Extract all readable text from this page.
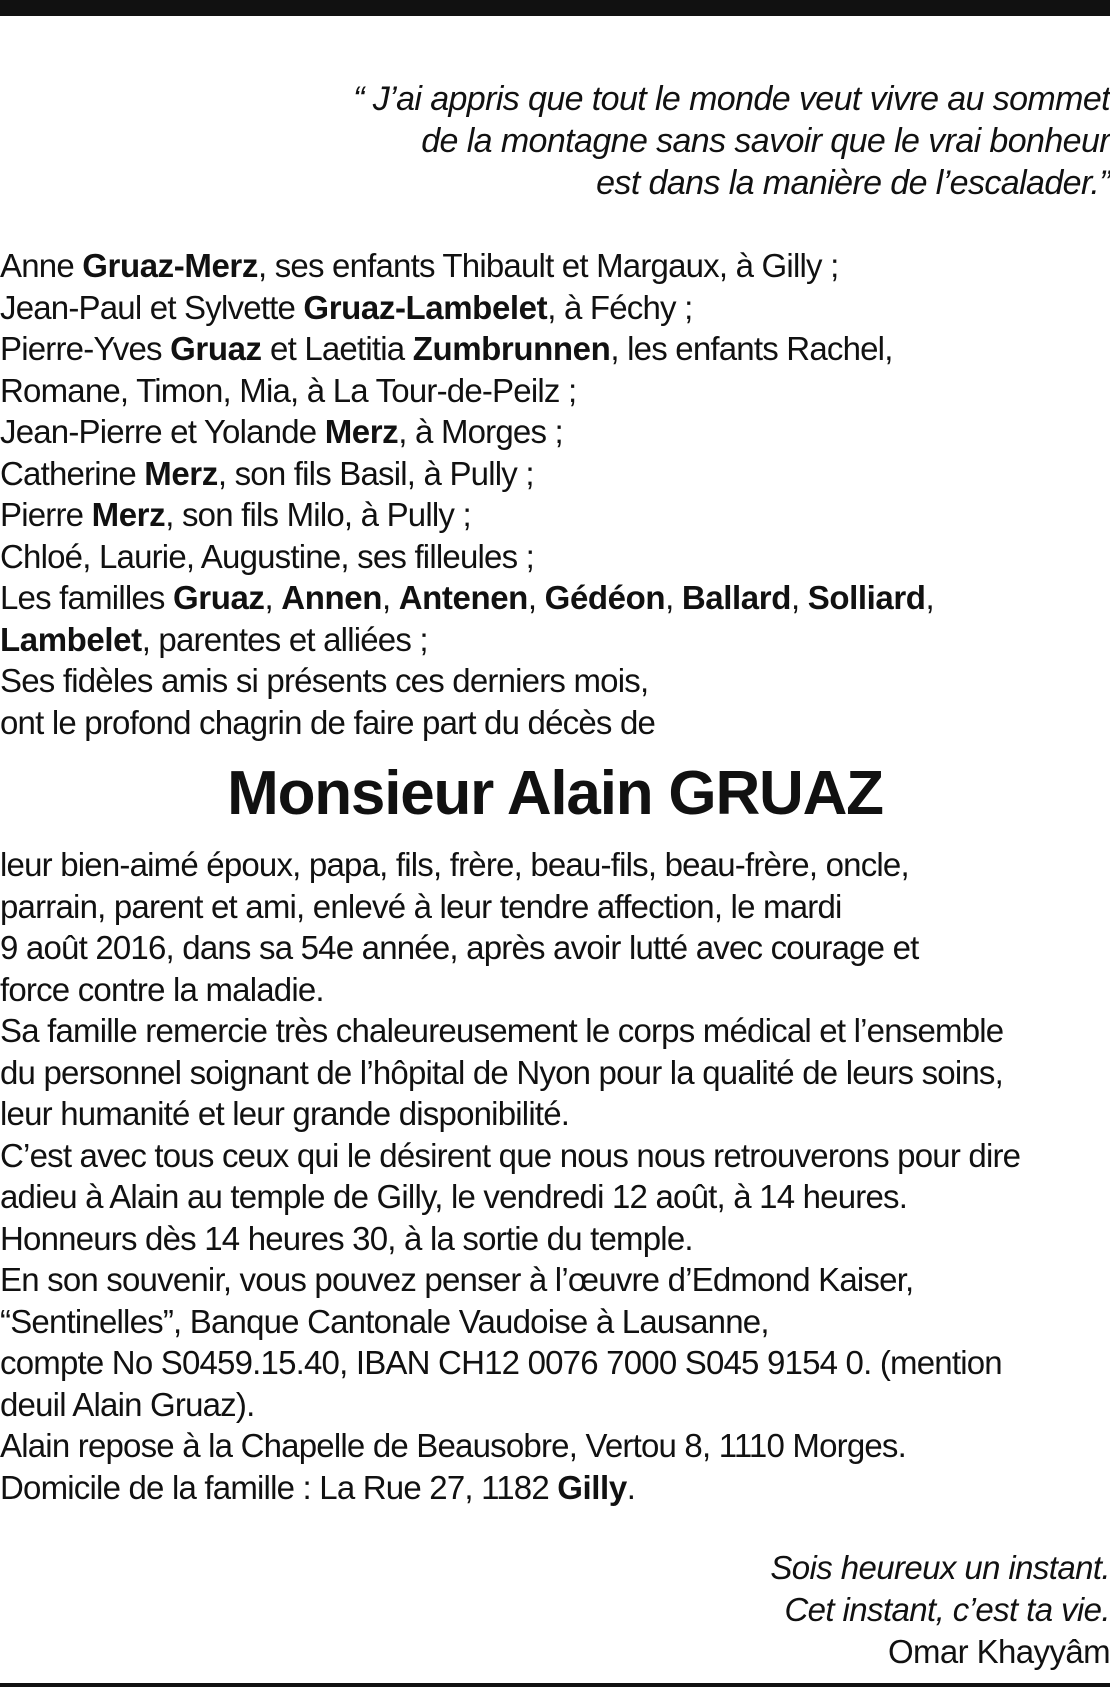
“ J’ai appris que tout le monde veut vivre au sommet
de la montagne sans savoir que le vrai bonheur
est dans la manière de l’escalader.”
Anne Gruaz-Merz, ses enfants Thibault et Margaux, à Gilly ;
Jean-Paul et Sylvette Gruaz-Lambelet, à Féchy ;
Pierre-Yves Gruaz et Laetitia Zumbrunnen, les enfants Rachel,
Romane, Timon, Mia, à La Tour-de-Peilz ;
Jean-Pierre et Yolande Merz, à Morges ;
Catherine Merz, son fils Basil, à Pully ;
Pierre Merz, son fils Milo, à Pully ;
Chloé, Laurie, Augustine, ses filleules ;
Les familles Gruaz, Annen, Antenen, Gédéon, Ballard, Solliard,
Lambelet, parentes et alliées ;
Ses fidèles amis si présents ces derniers mois,
ont le profond chagrin de faire part du décès de
Monsieur Alain GRUAZ
leur bien-aimé époux, papa, fils, frère, beau-fils, beau-frère, oncle,
parrain, parent et ami, enlevé à leur tendre affection, le mardi
9 août 2016, dans sa 54e année, après avoir lutté avec courage et
force contre la maladie.
Sa famille remercie très chaleureusement le corps médical et l’ensemble
du personnel soignant de l’hôpital de Nyon pour la qualité de leurs soins,
leur humanité et leur grande disponibilité.
C’est avec tous ceux qui le désirent que nous nous retrouverons pour dire
adieu à Alain au temple de Gilly, le vendredi 12 août, à 14 heures.
Honneurs dès 14 heures 30, à la sortie du temple.
En son souvenir, vous pouvez penser à l’œuvre d’Edmond Kaiser,
“Sentinelles”, Banque Cantonale Vaudoise à Lausanne,
compte No S0459.15.40, IBAN CH12 0076 7000 S045 9154 0. (mention
deuil Alain Gruaz).
Alain repose à la Chapelle de Beausobre, Vertou 8, 1110 Morges.
Domicile de la famille : La Rue 27, 1182 Gilly.
Sois heureux un instant.
Cet instant, c’est ta vie.
Omar Khayyâm
